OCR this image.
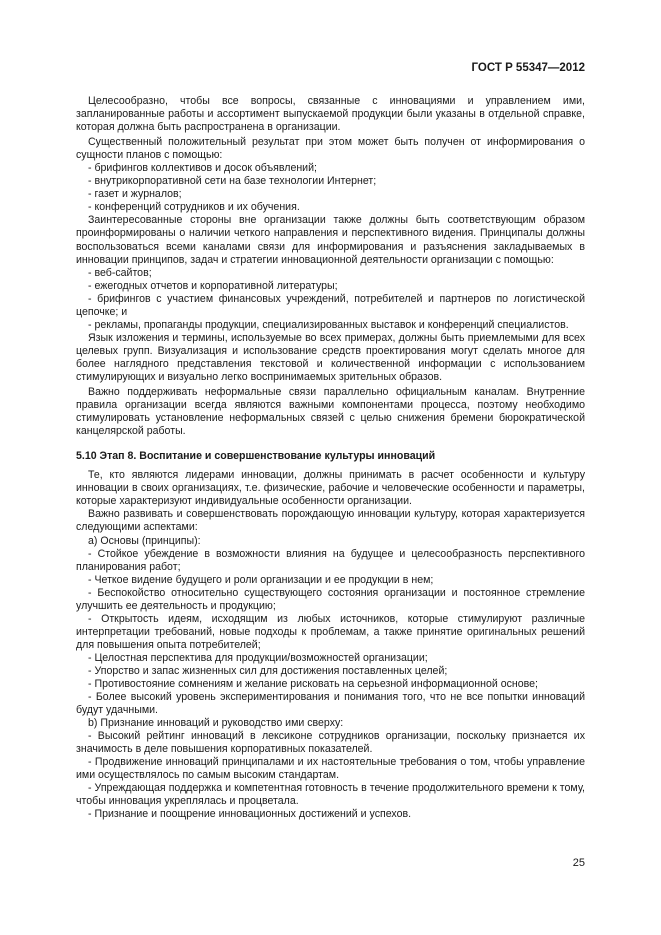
ГОСТ Р 55347—2012

Целесообразно, чтобы все вопросы, связанные с инновациями и управлением ими, запланированные работы и ассортимент выпускаемой продукции были указаны в отдельной справке, которая должна быть распространена в организации.

Существенный положительный результат при этом может быть получен от информирования о сущности планов с помощью:

- брифингов коллективов и досок объявлений;

- внутрикорпоративной сети на базе технологии Интернет;

- газет и журналов;

- конференций сотрудников и их обучения.

Заинтересованные стороны вне организации также должны быть соответствующим образом проинформированы о наличии четкого направления и перспективного видения. Принципалы должны воспользоваться всеми каналами связи для информирования и разъяснения закладываемых в инновации принципов, задач и стратегии инновационной деятельности организации с помощью:

- веб-сайтов;

- ежегодных отчетов и корпоративной литературы;

- брифингов с участием финансовых учреждений, потребителей и партнеров по логистической цепочке; и

- рекламы, пропаганды продукции, специализированных выставок и конференций специалистов.

Язык изложения и термины, используемые во всех примерах, должны быть приемлемыми для всех целевых групп. Визуализация и использование средств проектирования могут сделать многое для более наглядного представления текстовой и количественной информации с использованием стимулирующих и визуально легко воспринимаемых зрительных образов.

Важно поддерживать неформальные связи параллельно официальным каналам. Внутренние правила организации всегда являются важными компонентами процесса, поэтому необходимо стимулировать установление неформальных связей с целью снижения бремени бюрократической канцелярской работы.

5.10 Этап 8. Воспитание и совершенствование культуры инноваций

Те, кто являются лидерами инновации, должны принимать в расчет особенности и культуру инновации в своих организациях, т.е. физические, рабочие и человеческие особенности и параметры, которые характеризуют индивидуальные особенности организации.

Важно развивать и совершенствовать порождающую инновации культуру, которая характеризуется следующими аспектами:

а) Основы (принципы):

- Стойкое убеждение в возможности влияния на будущее и целесообразность перспективного планирования работ;

- Четкое видение будущего и роли организации и ее продукции в нем;

- Беспокойство относительно существующего состояния организации и постоянное стремление улучшить ее деятельность и продукцию;

- Открытость идеям, исходящим из любых источников, которые стимулируют различные интерпретации требований, новые подходы к проблемам, а также принятие оригинальных решений для повышения опыта потребителей;

- Целостная перспектива для продукции/возможностей организации;

- Упорство и запас жизненных сил для достижения поставленных целей;

- Противостояние сомнениям и желание рисковать на серьезной информационной основе;

- Более высокий уровень экспериментирования и понимания того, что не все попытки инноваций будут удачными.

b) Признание инноваций и руководство ими сверху:

- Высокий рейтинг инноваций в лексиконе сотрудников организации, поскольку признается их значимость в деле повышения корпоративных показателей.

- Продвижение инноваций принципалами и их настоятельные требования о том, чтобы управление ими осуществлялось по самым высоким стандартам.

- Упреждающая поддержка и компетентная готовность в течение продолжительного времени к тому, чтобы инновация укреплялась и процветала.

- Признание и поощрение инновационных достижений и успехов.

25
